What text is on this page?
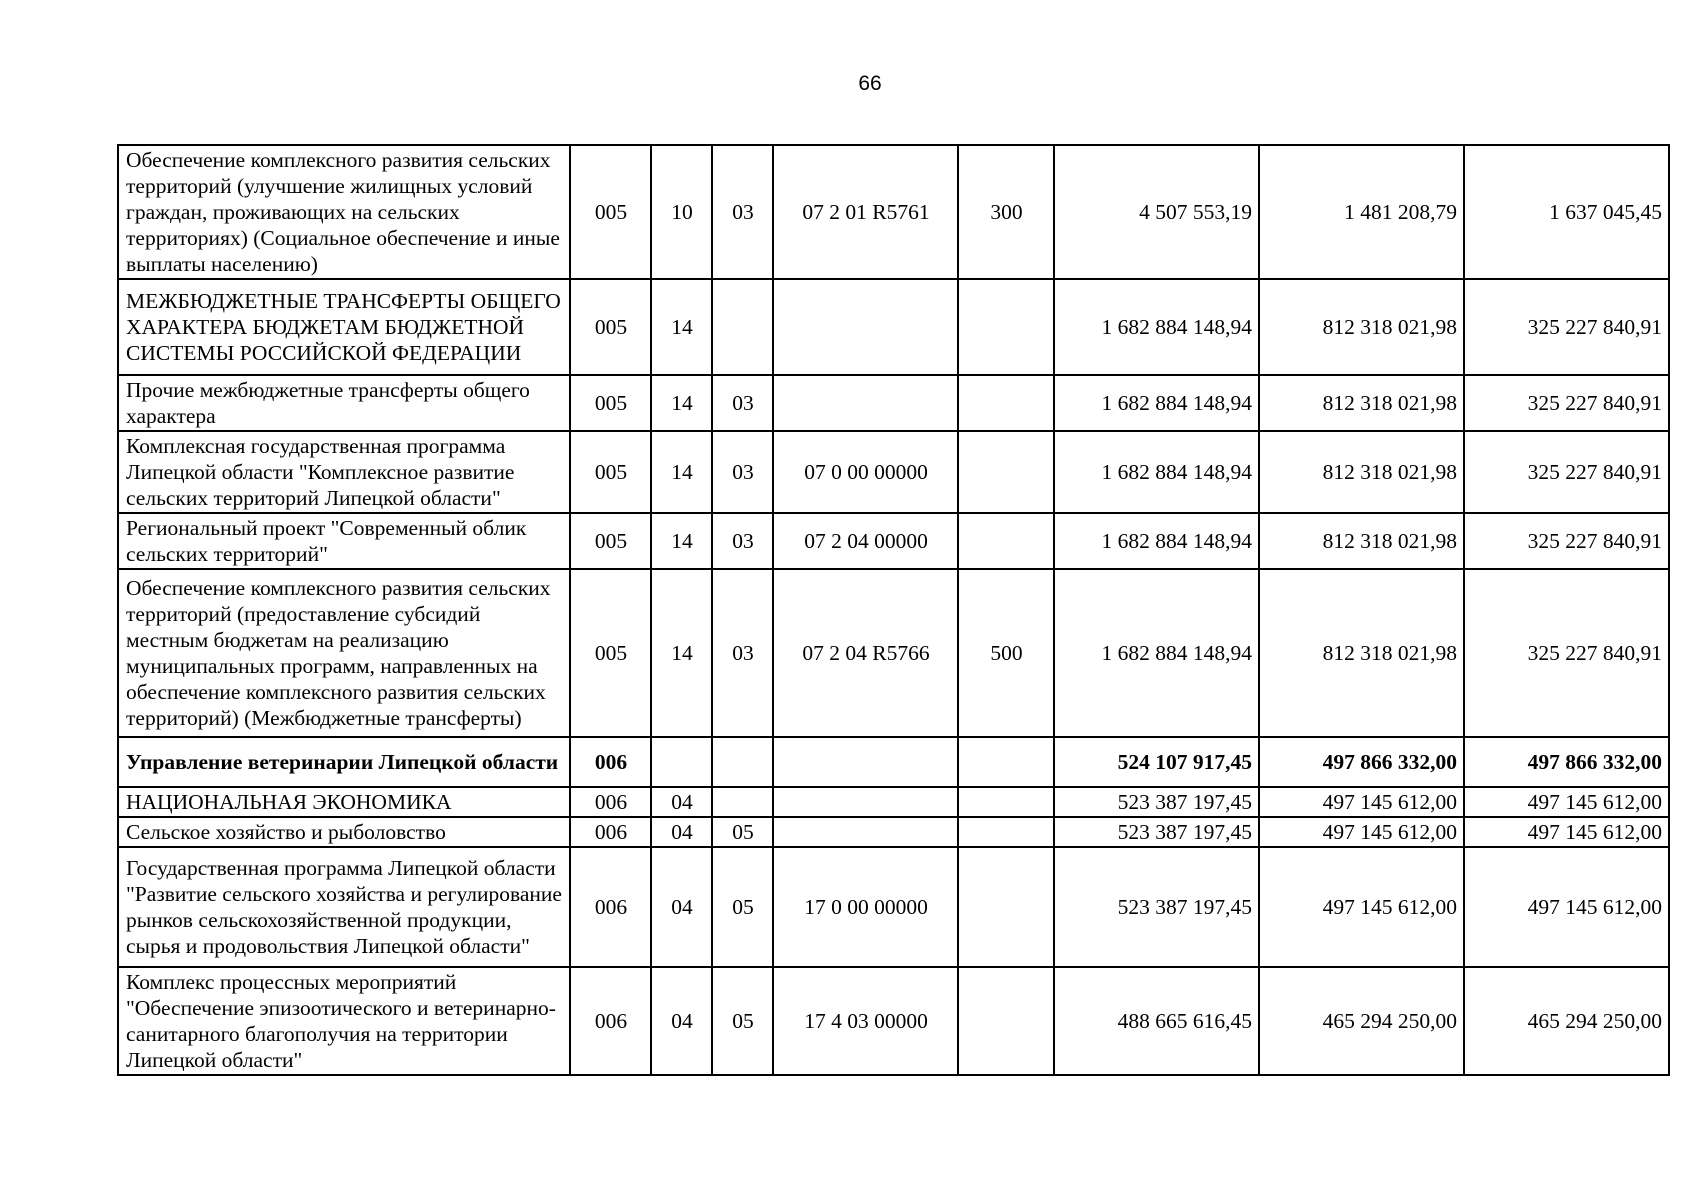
66
Обеспечение комплексного развития сельских территорий (улучшение жилищных условий граждан, проживающих на сельских территориях) (Социальное обеспечение и иные выплаты населению)	005	10	03	07 2 01 R5761	300	4 507 553,19	1 481 208,79	1 637 045,45
МЕЖБЮДЖЕТНЫЕ ТРАНСФЕРТЫ ОБЩЕГО ХАРАКТЕРА БЮДЖЕТАМ БЮДЖЕТНОЙ СИСТЕМЫ РОССИЙСКОЙ ФЕДЕРАЦИИ	005	14				1 682 884 148,94	812 318 021,98	325 227 840,91
Прочие межбюджетные трансферты общего характера	005	14	03			1 682 884 148,94	812 318 021,98	325 227 840,91
Комплексная государственная программа Липецкой области "Комплексное развитие сельских территорий Липецкой области"	005	14	03	07 0 00 00000		1 682 884 148,94	812 318 021,98	325 227 840,91
Региональный проект "Современный облик сельских территорий"	005	14	03	07 2 04 00000		1 682 884 148,94	812 318 021,98	325 227 840,91
Обеспечение комплексного развития сельских территорий (предоставление субсидий местным бюджетам на реализацию муниципальных программ, направленных на обеспечение комплексного развития сельских территорий) (Межбюджетные трансферты)	005	14	03	07 2 04 R5766	500	1 682 884 148,94	812 318 021,98	325 227 840,91
Управление ветеринарии Липецкой области	006					524 107 917,45	497 866 332,00	497 866 332,00
НАЦИОНАЛЬНАЯ ЭКОНОМИКА	006	04				523 387 197,45	497 145 612,00	497 145 612,00
Сельское хозяйство и рыболовство	006	04	05			523 387 197,45	497 145 612,00	497 145 612,00
Государственная программа Липецкой области "Развитие сельского хозяйства и регулирование рынков сельскохозяйственной продукции, сырья и продовольствия Липецкой области"	006	04	05	17 0 00 00000		523 387 197,45	497 145 612,00	497 145 612,00
Комплекс процессных мероприятий "Обеспечение эпизоотического и ветеринарно-санитарного благополучия на территории Липецкой области"	006	04	05	17 4 03 00000		488 665 616,45	465 294 250,00	465 294 250,00
